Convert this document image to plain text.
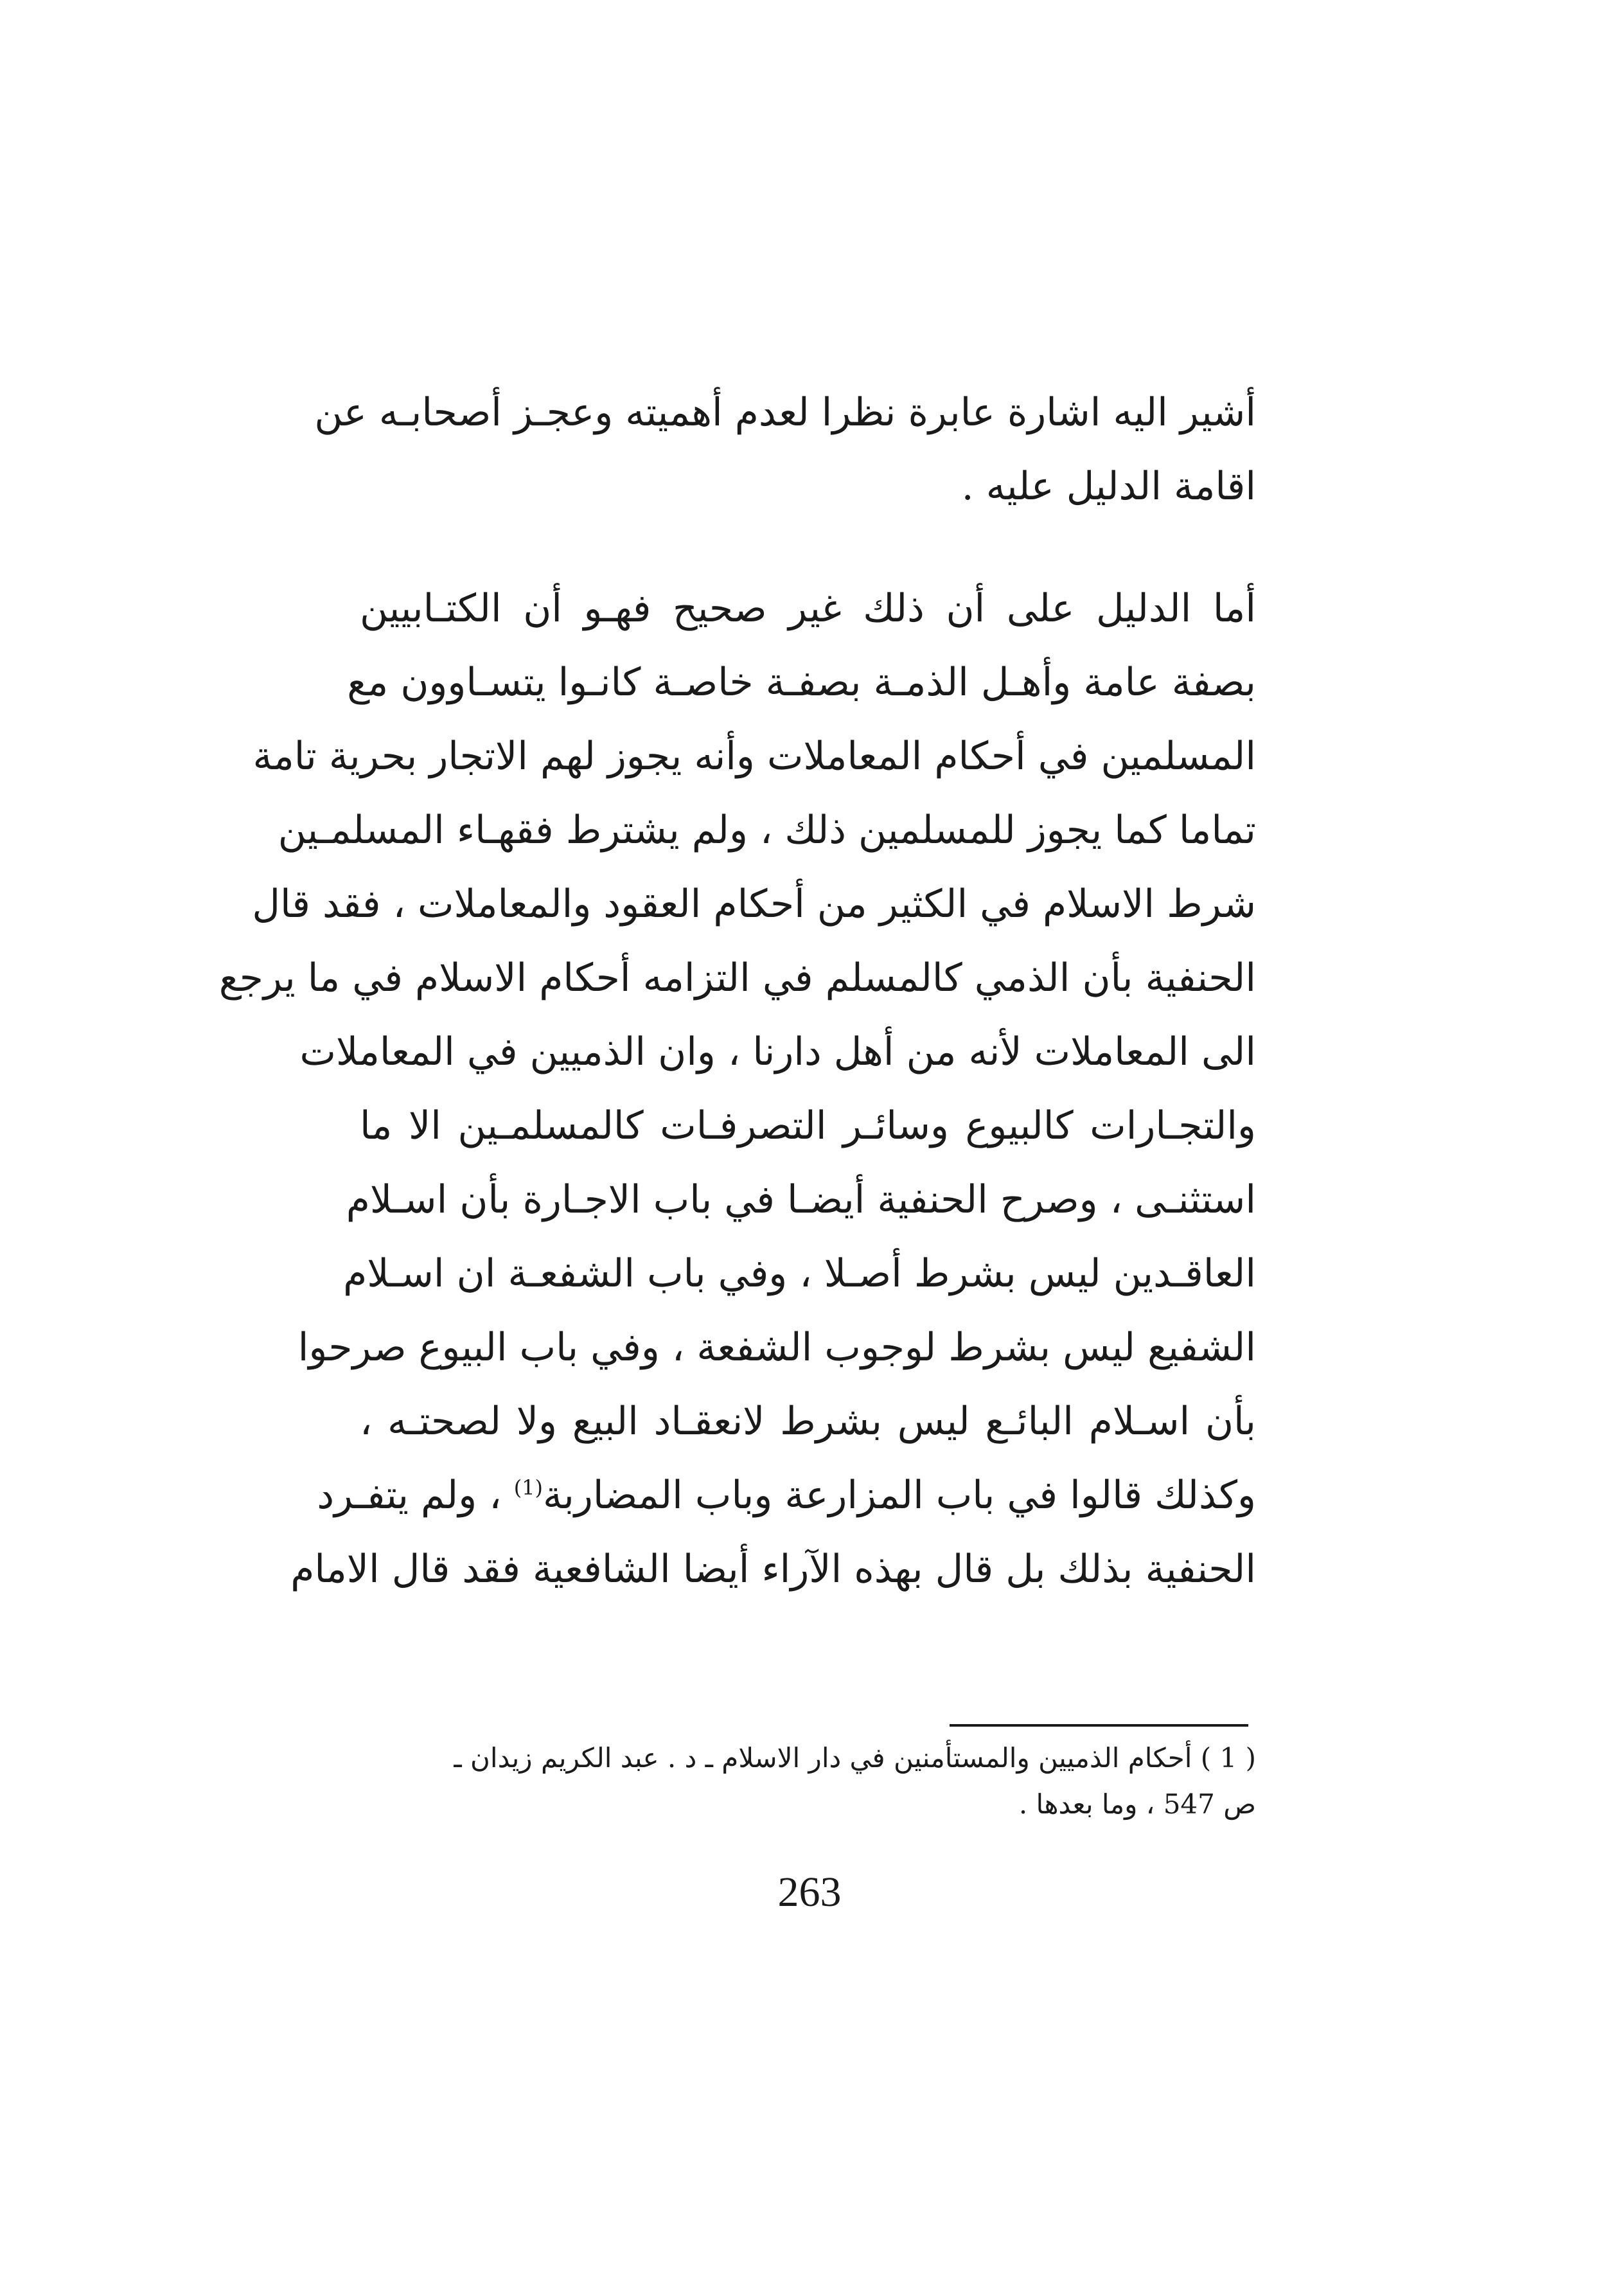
أشير اليه اشارة عابرة نظرا لعدم أهميته وعجـز أصحابـه عن
اقامة الدليل عليه .
أما الدليل على أن ذلك غير صحيح فهـو أن الكتـابيين
بصفة عامة وأهـل الذمـة بصفـة خاصـة كانـوا يتسـاوون مع
المسلمين في أحكام المعاملات وأنه يجوز لهم الاتجار بحرية تامة
تماما كما يجوز للمسلمين ذلك ، ولم يشترط فقهـاء المسلمـين
شرط الاسلام في الكثير من أحكام العقود والمعاملات ، فقد قال
الحنفية بأن الذمي كالمسلم في التزامه أحكام الاسلام في ما يرجع
الى المعاملات لأنه من أهل دارنا ، وان الذميين في المعاملات
والتجـارات كالبيوع وسائـر التصرفـات كالمسلمـين الا ما
استثنـى ، وصرح الحنفية أيضـا في باب الاجـارة بأن اسـلام
العاقـدين ليس بشرط أصـلا ، وفي باب الشفعـة ان اسـلام
الشفيع ليس بشرط لوجوب الشفعة ، وفي باب البيوع صرحوا
بأن اسـلام البائـع ليس بشرط لانعقـاد البيع ولا لصحتـه ،
وكذلك قالوا في باب المزارعة وباب المضاربة$^{(1)}$ ، ولم يتفـرد
الحنفية بذلك بل قال بهذه الآراء أيضا الشافعية فقد قال الامام
( 1 ) أحكام الذميين والمستأمنين في دار الاسلام ـ د . عبد الكريم زيدان ـ
ص 547 ، وما بعدها .
263
